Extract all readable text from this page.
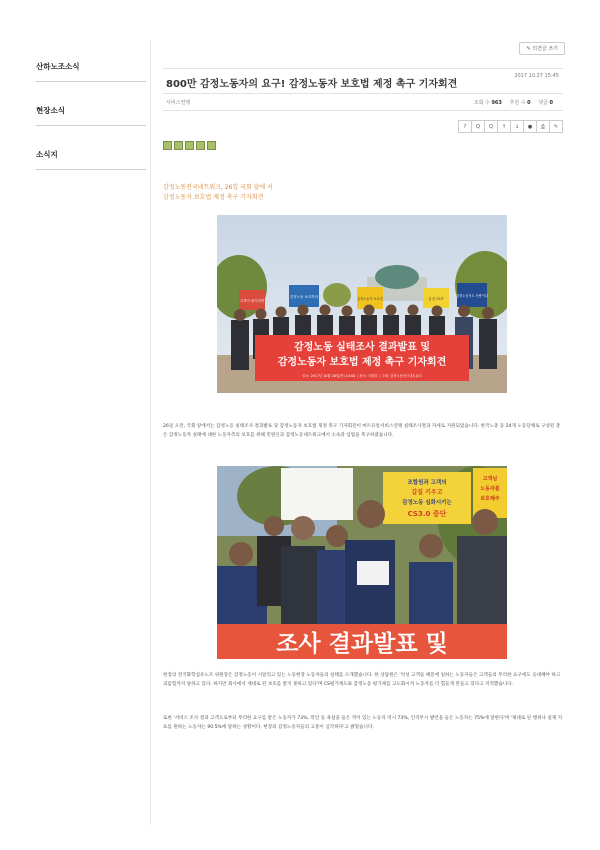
산하노조소식
현장소식
소식지
✎ 의견글 쓰기
800만 감정노동자의 요구! 감정노동자 보호법 제정 촉구 기자회견
2017.10.27 15:45
서비스연맹	조회 수 963 추천 수 0 댓글 0
?	Q	Q	↑	↓	●	⎙	✎
감정노동전국네트워크, 26일 국회 앞에 서
감정노동자 보호법 제정 촉구 기자회견
고객이 왕이라면
감정노동 보호하라	감정노동자 보호법	갑질 OUT
감정노동자도 사람이다
감정노동 실태조사 결과발표 및
감정노동자 보호법 제정 촉구 기자회견
일시: 2017년 10월 26일(목) 10:00 │ 장소: 국회앞 │ 주최: 감정노동전국네트워크
26일 오전, 국회 앞에서는 감정노동 실태조사 결과발표 및 감정노동자 보호법 제정 촉구 기자회견이 마트유통서비스연맹 실태조사결과 자세로 지원되었습니다. 한국노총 등 24개 노동단체로 구성된 총은 감정노동자 실태에 대한 노동자측의 보호를 위해 민원인과 감정노동네트워크에서 소속과 입법을 촉구하였습니다.
조합원과 고객의
갑질 키우고
감정노동 심화시키는
CS3.0 중단
고객님
노동자를
보호해주
조사 결과발표 및
현장의 전국화학섬유노조 위원장은 감정노동이 시달리고 있는 노동현장 노동자들의 실태를 소개했습니다. 한 상담원은 '악성 고객들 때문에 일하는 노동자들은 고객들의 무리한 요구에도 응대해야 하고 괴롭힘까지 당하고 있다. 하지만 회사에서 제대로 된 보호를 받지 못하고 있다'며 CS평가제도와 감정노동 평가제를 고도화시켜 노동자를 더 힘들게 만들고 있다고 지적했습니다.
또한 '서비스 조사 결과 고객으로부터 무리한 요구를 받은 노동자가 73%, 폭언 등 욕설을 들은 적이 있는 노동자 역시 73%, 인격무시 발언을 들은 노동자는 75%에 달한다'며 '제대로 된 행위나 실제 지표를 원하는 노동자는 90.5%에 달하는 상황이다. 현장의 감정노동자들의 고통이 심각하다'고 밝혔습니다.
